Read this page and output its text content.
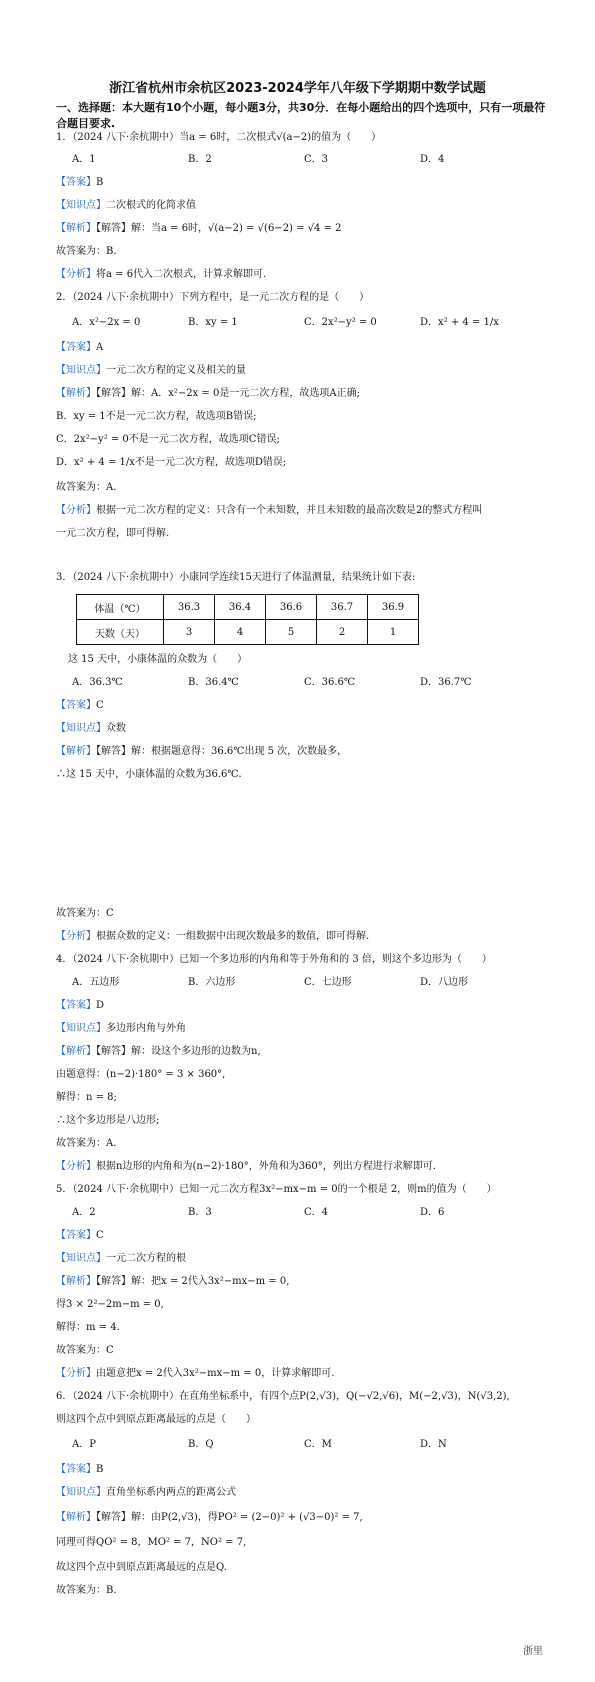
浙江省杭州市余杭区2023-2024学年八年级下学期期中数学试题
一、选择题：本大题有10个小题，每小题3分，共30分．在每小题给出的四个选项中，只有一项最符合题目要求.
1．（2024 八下·余杭期中）当a = 6时，二次根式√(a−2)的值为（　　）
A．1	B．2	C．3	D．4
【答案】B
【知识点】二次根式的化简求值
【解析】【解答】解：当a = 6时，√(a−2) = √(6−2) = √4 = 2
故答案为：B.
【分析】将a = 6代入二次根式，计算求解即可.
2．（2024 八下·余杭期中）下列方程中，是一元二次方程的是（　　）
A．x²−2x = 0	B．xy = 1	C．2x²−y² = 0	D．x² + 4 = 1/x
【答案】A
【知识点】一元二次方程的定义及相关的量
【解析】【解答】解：A．x²−2x = 0是一元二次方程，故选项A正确;
B．xy = 1不是一元二次方程，故选项B错误;
C．2x²−y² = 0不是一元二次方程，故选项C错误;
D．x² + 4 = 1/x不是一元二次方程，故选项D错误;
故答案为：A.
【分析】根据一元二次方程的定义：只含有一个未知数，并且未知数的最高次数是2的整式方程叫
一元二次方程，即可得解.
3．（2024 八下·余杭期中）小康同学连续15天进行了体温测量，结果统计如下表:
体温（℃）	36.3	36.4	36.6	36.7	36.9
天数（天）	3	4	5	2	1
这 15 天中，小康体温的众数为（　　）
A．36.3℃	B．36.4℃	C．36.6℃	D．36.7℃
【答案】C
【知识点】众数
【解析】【解答】解：根据题意得：36.6℃出现 5 次，次数最多，
∴这 15 天中，小康体温的众数为36.6℃.
故答案为：C
【分析】根据众数的定义：一组数据中出现次数最多的数值，即可得解.
4．（2024 八下·余杭期中）已知一个多边形的内角和等于外角和的 3 倍，则这个多边形为（　　）
A．五边形	B．六边形	C．七边形	D．八边形
【答案】D
【知识点】多边形内角与外角
【解析】【解答】解：设这个多边形的边数为n,
由题意得：(n−2)·180° = 3 × 360°,
解得：n = 8;
∴这个多边形是八边形;
故答案为：A.
【分析】根据n边形的内角和为(n−2)·180°，外角和为360°，列出方程进行求解即可.
5．（2024 八下·余杭期中）已知一元二次方程3x²−mx−m = 0的一个根是 2，则m的值为（　　）
A．2	B．3	C．4	D．6
【答案】C
【知识点】一元二次方程的根
【解析】【解答】解：把x = 2代入3x²−mx−m = 0,
得3 × 2²−2m−m = 0,
解得：m = 4.
故答案为：C
【分析】由题意把x = 2代入3x²−mx−m = 0，计算求解即可.
6．（2024 八下·余杭期中）在直角坐标系中，有四个点P(2,√3)，Q(−√2,√6)，M(−2,√3)，N(√3,2),
则这四个点中到原点距离最远的点是（　　）
A．P	B．Q	C．M	D．N
【答案】B
【知识点】直角坐标系内两点的距离公式
【解析】【解答】解：由P(2,√3)，得PO² = (2−0)² + (√3−0)² = 7,
同理可得QO² = 8，MO² = 7，NO² = 7,
故这四个点中到原点距离最远的点是Q.
故答案为：B.
浙里
